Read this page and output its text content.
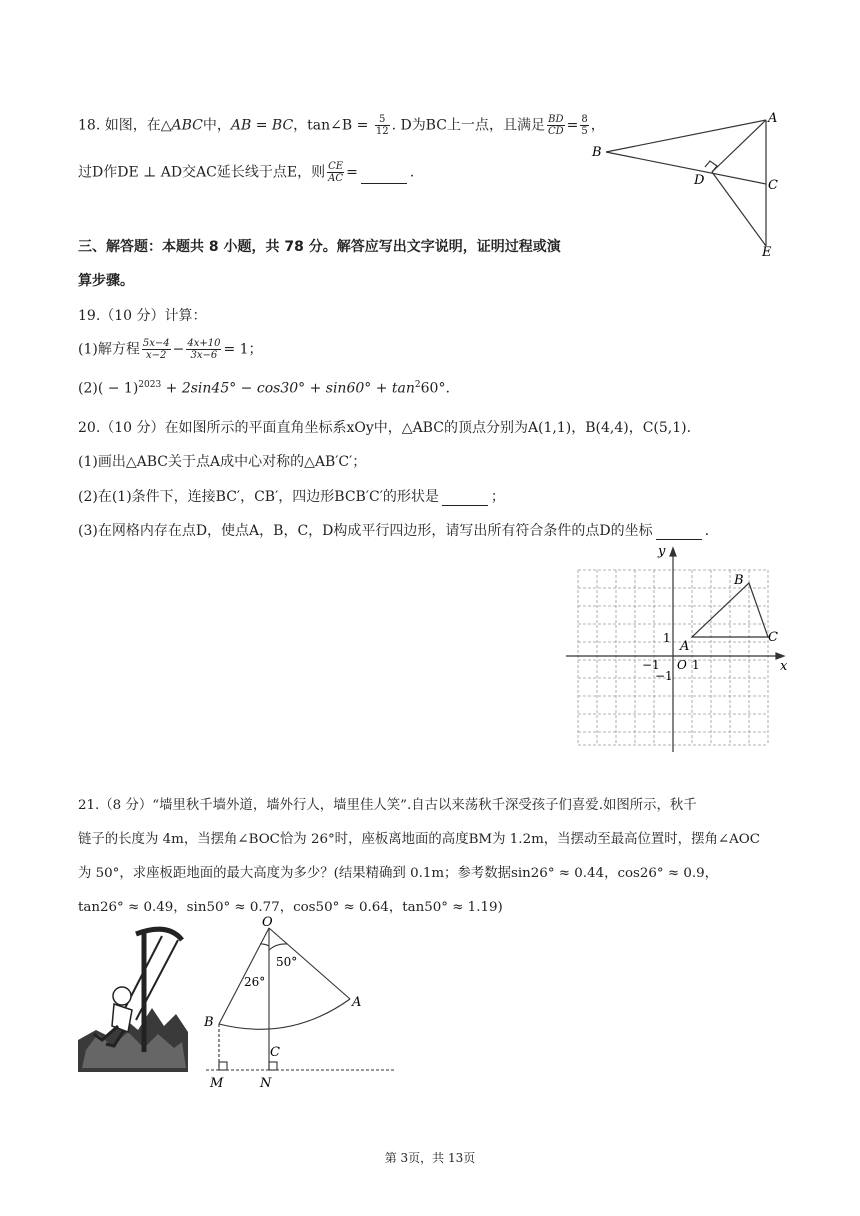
18. 如图，在△ABC中，AB = BC，tan∠B = $\frac{5}{12}$ . D为BC上一点，且满足 $\frac{BD}{CD} = \frac{8}{5}$ ，
过D作DE ⊥ AD交AC延长线于点E，则 $\frac{CE}{AC}$ =	.
A
B
C
D
E
三、解答题：本题共 8 小题，共 78 分。解答应写出文字说明，证明过程或演
算步骤。
19.（10 分）计算：
(1)解方程 $\frac{5x-4}{x-2} - \frac{4x+10}{3x-6} = 1$；
$(2)( - 1)^{2023} + 2\sin 45^\circ - \cos 30^\circ + \sin 60^\circ + \tan^260^\circ$.
20.（10 分）在如图所示的平面直角坐标系xOy中，△ABC的顶点分别为A(1,1)，B(4,4)，C(5,1).
(1)画出△ABC关于点A成中心对称的△AB′C′；
(2)在(1)条件下，连接BC′，CB′，四边形BCB′C′的形状是	；
(3)在网格内存在点D，使点A，B，C，D构成平行四边形，请写出所有符合条件的点D的坐标	.
y
x
O 1
−1
1
−1
A
B
C
21.（8 分）“墙里秋千墙外道，墙外行人，墙里佳人笑”.自古以来荡秋千深受孩子们喜爱.如图所示，秋千
链子的长度为 4m，当摆角∠BOC恰为 26°时，座板离地面的高度BM为 1.2m，当摆动至最高位置时，摆角∠AOC
为 50°，求座板距地面的最大高度为多少？(结果精确到 0.1m；参考数据sin26° ≈ 0.44，cos26° ≈ 0.9，
tan26° ≈ 0.49，sin50° ≈ 0.77，cos50° ≈ 0.64，tan50° ≈ 1.19)
O
A
B
C
M	N
26°
50°
第 3页，共 13页
